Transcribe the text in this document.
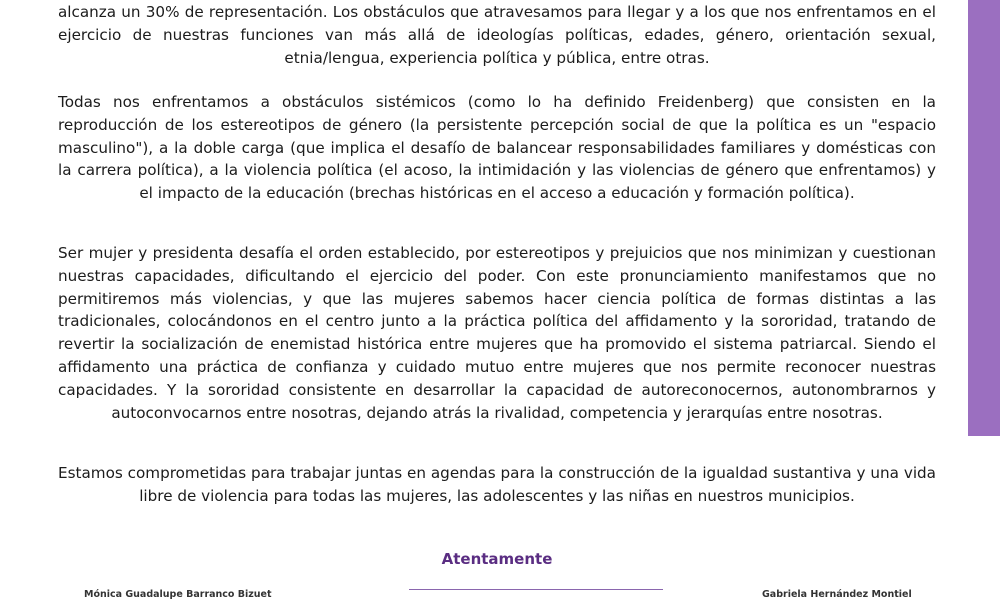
alcanza un 30% de representación. Los obstáculos que atravesamos para llegar y a los que nos enfrentamos en el ejercicio de nuestras funciones van más allá de ideologías políticas, edades, género, orientación sexual, etnia/lengua, experiencia política y pública, entre otras.

Todas nos enfrentamos a obstáculos sistémicos (como lo ha definido Freidenberg) que consisten en la reproducción de los estereotipos de género (la persistente percepción social de que la política es un "espacio masculino"), a la doble carga (que implica el desafío de balancear responsabilidades familiares y domésticas con la carrera política), a la violencia política (el acoso, la intimidación y las violencias de género que enfrentamos) y el impacto de la educación (brechas históricas en el acceso a educación y formación política).

Ser mujer y presidenta desafía el orden establecido, por estereotipos y prejuicios que nos minimizan y cuestionan nuestras capacidades, dificultando el ejercicio del poder. Con este pronunciamiento manifestamos que no permitiremos más violencias, y que las mujeres sabemos hacer ciencia política de formas distintas a las tradicionales, colocándonos en el centro junto a la práctica política del affidamento y la sororidad, tratando de revertir la socialización de enemistad histórica entre mujeres que ha promovido el sistema patriarcal. Siendo el affidamento una práctica de confianza y cuidado mutuo entre mujeres que nos permite reconocer nuestras capacidades. Y la sororidad consistente en desarrollar la capacidad de autoreconocernos, autonombrarnos y autoconvocarnos entre nosotras, dejando atrás la rivalidad, competencia y jerarquías entre nosotras.

Estamos comprometidas para trabajar juntas en agendas para la construcción de la igualdad sustantiva y una vida libre de violencia para todas las mujeres, las adolescentes y las niñas en nuestros municipios.

Atentamente
Mónica Guadalupe Barranco Bizuet	Gabriela Hernández Montiel
